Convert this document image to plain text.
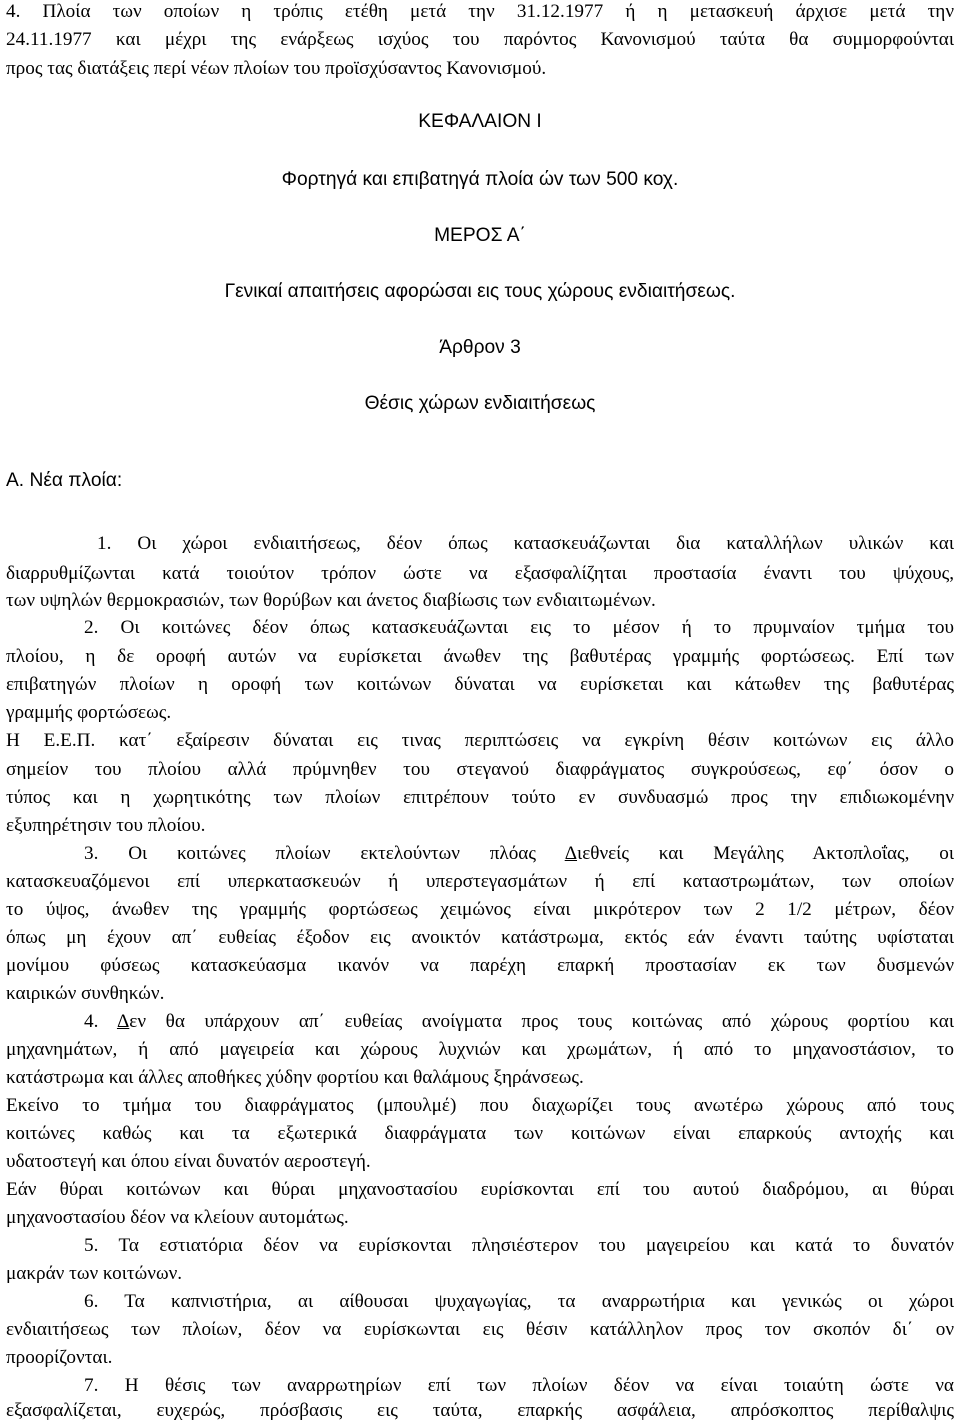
4. Πλοία των οποίων η τρόπις ετέθη μετά την 31.12.1977 ή η μετασκευή άρχισε μετά την
24.11.1977 και μέχρι της ενάρξεως ισχύος του παρόντος Κανονισμού ταύτα θα συμμορφούνται
προς τας διατάξεις περί νέων πλοίων του προϊσχύσαντος Κανονισμού.
ΚΕΦΑΛΑΙΟΝ Ι
Φορτηγά και επιβατηγά πλοία ώv των 500 κοχ.
ΜΕΡΟΣ Α΄
Γενικαί απαιτήσεις αφορώσαι εις τους χώρους ενδιαιτήσεως.
Άρθρον 3
Θέσις χώρων ενδιαιτήσεως
Α. Νέα πλοία:
1. Οι χώροι ενδιαιτήσεως, δέον όπως κατασκευάζωνται δια καταλλήλων υλικών και
διαρρυθμίζωνται κατά τοιούτον τρόπον ώστε να εξασφαλίζηται προστασία έναντι του ψύχους,
των υψηλών θερμοκρασιών, των θορύβων και άνετος διαβίωσις των ενδιαιτωμένων.
2. Οι κοιτώνες δέον όπως κατασκευάζωνται εις το μέσον ή το πρυμναίον τμήμα του
πλοίου, η δε οροφή αυτών να ευρίσκεται άνωθεν της βαθυτέρας γραμμής φορτώσεως. Επί των
επιβατηγών πλοίων η οροφή των κοιτώνων δύναται να ευρίσκεται και κάτωθεν της βαθυτέρας
γραμμής φορτώσεως.
Η Ε.Ε.Π. κατ΄ εξαίρεσιν δύναται εις τινας περιπτώσεις να εγκρίνη θέσιν κοιτώνων εις άλλο
σημείον του πλοίου αλλά πρύμνηθεν του στεγανού διαφράγματος συγκρούσεως, εφ΄ όσον ο
τύπος και η χωρητικότης των πλοίων επιτρέπουν τούτο εν συνδυασμώ προς την επιδιωκομένην
εξυπηρέτησιν του πλοίου.
3. Οι κοιτώνες πλοίων εκτελούντων πλόας Διεθνείς και Μεγάλης Ακτοπλοΐας, οι
κατασκευαζόμενοι επί υπερκατασκευών ή υπερστεγασμάτων ή επί καταστρωμάτων, των οποίων
το ύψος, άνωθεν της γραμμής φορτώσεως χειμώνος είναι μικρότερον των 2 1/2 μέτρων, δέον
όπως μη έχουν απ΄ ευθείας έξοδον εις ανοικτόν κατάστρωμα, εκτός εάν έναντι ταύτης υφίσταται
μονίμου φύσεως κατασκεύασμα ικανόν να παρέχη επαρκή προστασίαν εκ των δυσμενών
καιρικών συνθηκών.
4. Δεν θα υπάρχουν απ΄ ευθείας ανοίγματα προς τους κοιτώνας από χώρους φορτίου και
μηχανημάτων, ή από μαγειρεία και χώρους λυχνιών και χρωμάτων, ή από το μηχανοστάσιον, το
κατάστρωμα και άλλες αποθήκες χύδην φορτίου και θαλάμους ξηράνσεως.
Εκείνο το τμήμα του διαφράγματος (μπουλμέ) που διαχωρίζει τους ανωτέρω χώρους από τους
κοιτώνες καθώς και τα εξωτερικά διαφράγματα των κοιτώνων είναι επαρκούς αντοχής και
υδατοστεγή και όπου είναι δυνατόν αεροστεγή.
Εάν θύραι κοιτώνων και θύραι μηχανοστασίου ευρίσκονται επί του αυτού διαδρόμου, αι θύραι
μηχανοστασίου δέον να κλείουν αυτομάτως.
5. Τα εστιατόρια δέον να ευρίσκονται πλησιέστερον του μαγειρείου και κατά το δυνατόν
μακράν των κοιτώνων.
6. Τα καπνιστήρια, αι αίθουσαι ψυχαγωγίας, τα αναρρωτήρια και γενικώς οι χώροι
ενδιαιτήσεως των πλοίων, δέον να ευρίσκωνται εις θέσιν κατάλληλον προς τον σκοπόν δι΄ ον
προορίζονται.
7. Η θέσις των αναρρωτηρίων επί των πλοίων δέον να είναι τοιαύτη ώστε να
εξασφαλίζεται, ευχερώς, πρόσβασις εις ταύτα, επαρκής ασφάλεια, απρόσκοπτος περίθαλψις
